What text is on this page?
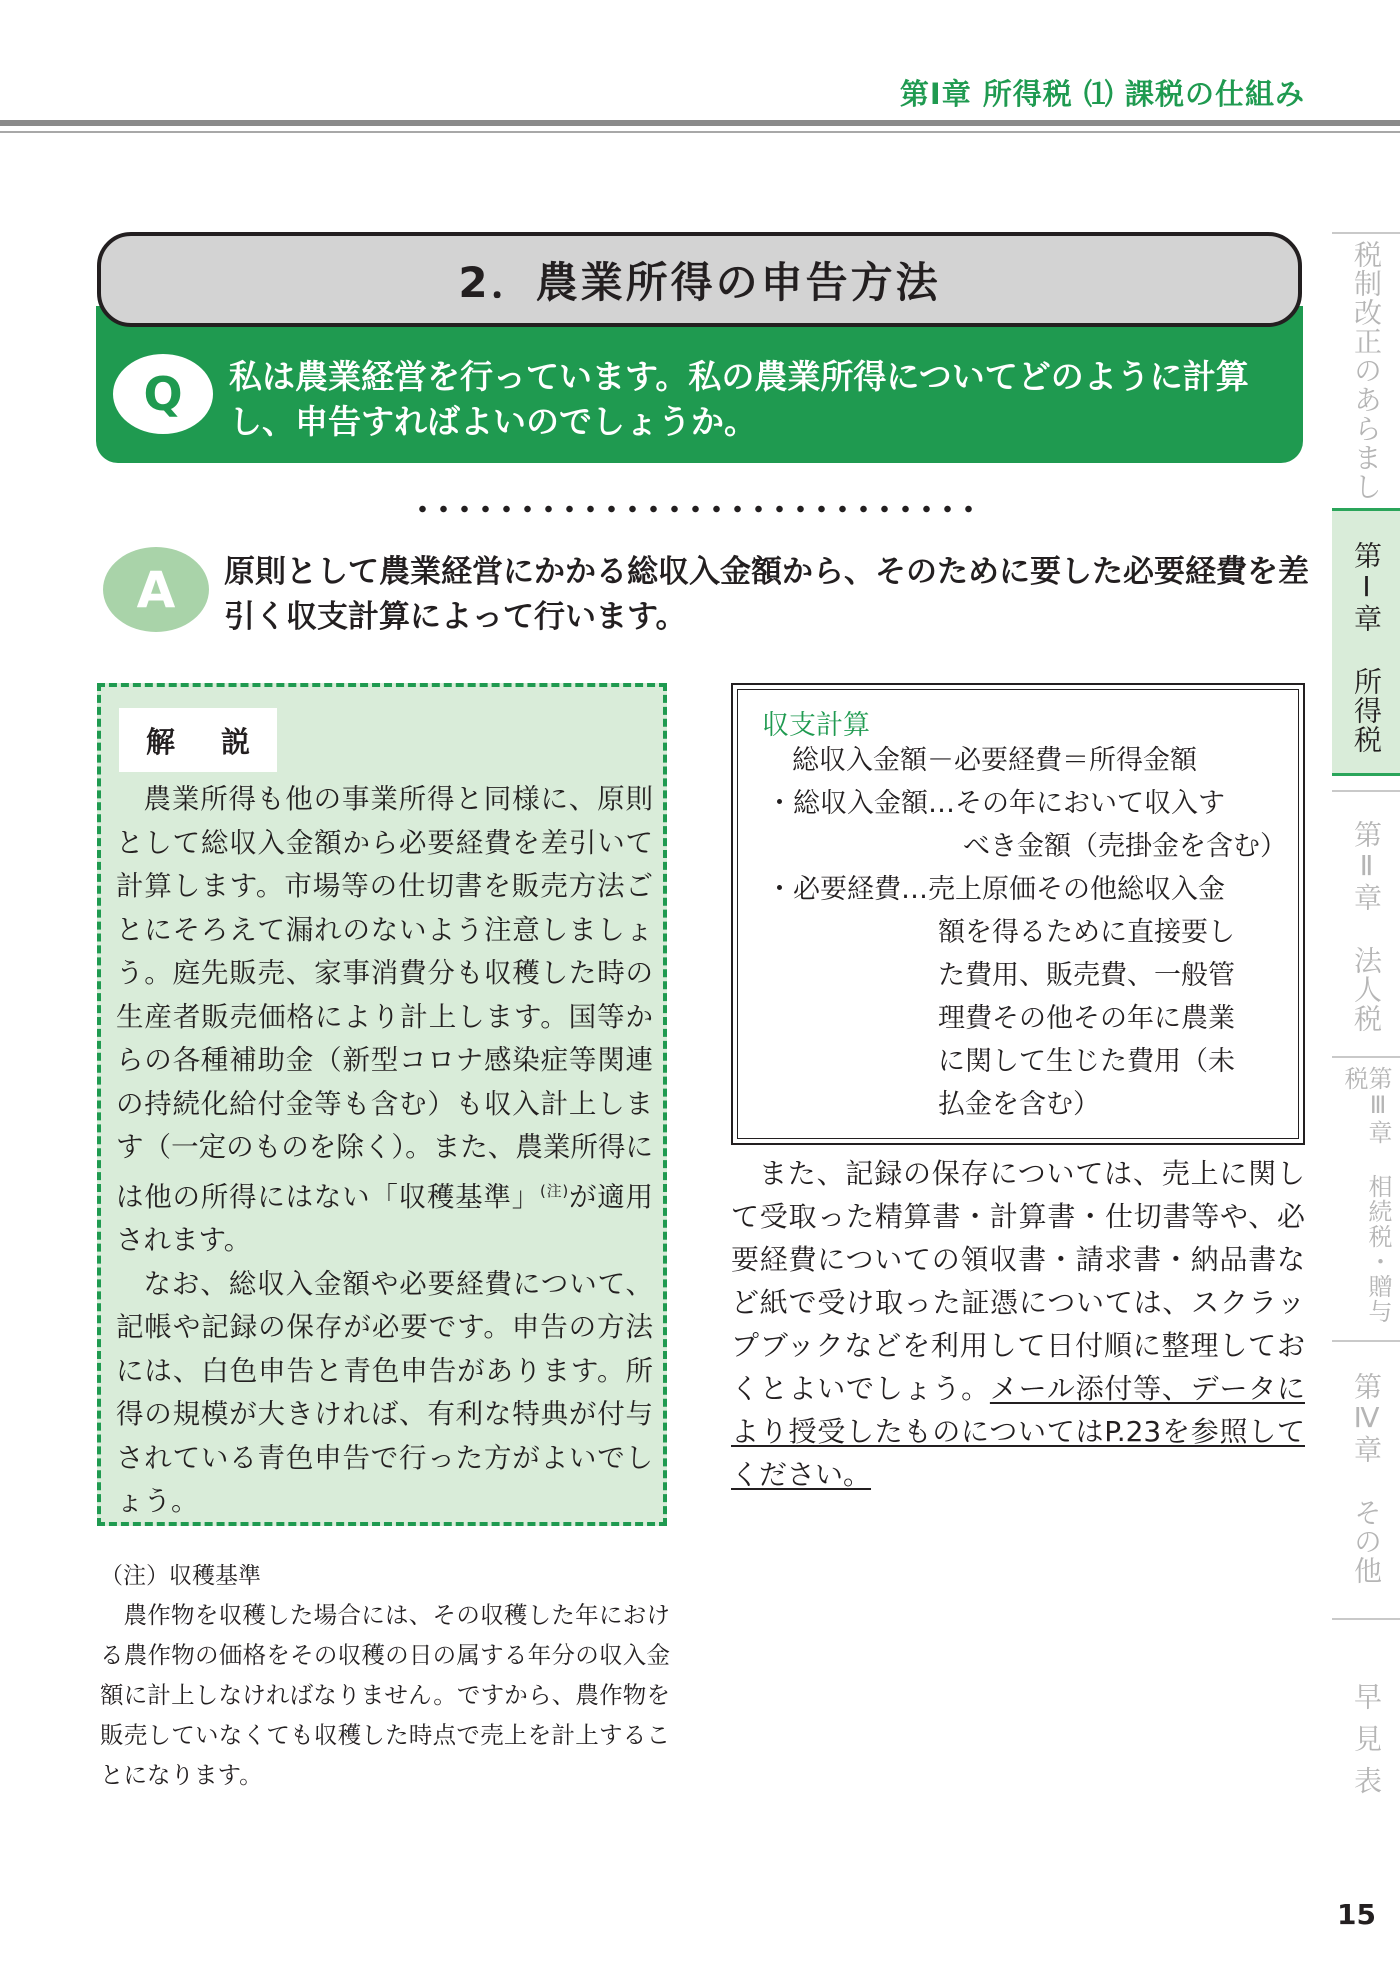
第Ⅰ章 所得税 ⑴ 課税の仕組み
税制改正のあらまし
第Ⅰ章 所得税
第Ⅱ章 法人税
第Ⅲ章 相続税・贈与税
第Ⅳ章 その他
早見表
2．農業所得の申告方法
Q 私は農業経営を行っています。私の農業所得についてどのように計算し、申告すればよいのでしょうか。
A 原則として農業経営にかかる総収入金額から、そのために要した必要経費を差引く収支計算によって行います。
解説

農業所得も他の事業所得と同様に、原則として総収入金額から必要経費を差引いて計算します。市場等の仕切書を販売方法ごとにそろえて漏れのないよう注意しましょう。庭先販売、家事消費分も収穫した時の生産者販売価格により計上します。国等からの各種補助金（新型コロナ感染症等関連の持続化給付金等も含む）も収入計上します（一定のものを除く）。また、農業所得には他の所得にはない「収穫基準」$^{(注)}$が適用されます。

なお、総収入金額や必要経費について、記帳や記録の保存が必要です。申告の方法には、白色申告と青色申告があります。所得の規模が大きければ、有利な特典が付与されている青色申告で行った方がよいでしょう。

（注）収穫基準
農作物を収穫した場合には、その収穫した年における農作物の価格をその収穫の日の属する年分の収入金額に計上しなければなりません。ですから、農作物を販売していなくても収穫した時点で売上を計上することになります。
収支計算
総収入金額－必要経費＝所得金額
・総収入金額…その年において収入す
べき金額（売掛金を含む）
・必要経費…売上原価その他総収入金
額を得るために直接要し
た費用、販売費、一般管
理費その他その年に農業
に関して生じた費用（未
払金を含む）
また、記録の保存については、売上に関して受取った精算書・計算書・仕切書等や、必要経費についての領収書・請求書・納品書など紙で受け取った証憑については、スクラップブックなどを利用して日付順に整理しておくとよいでしょう。メール添付等、データにより授受したものについてはP.23を参照してください。
15
